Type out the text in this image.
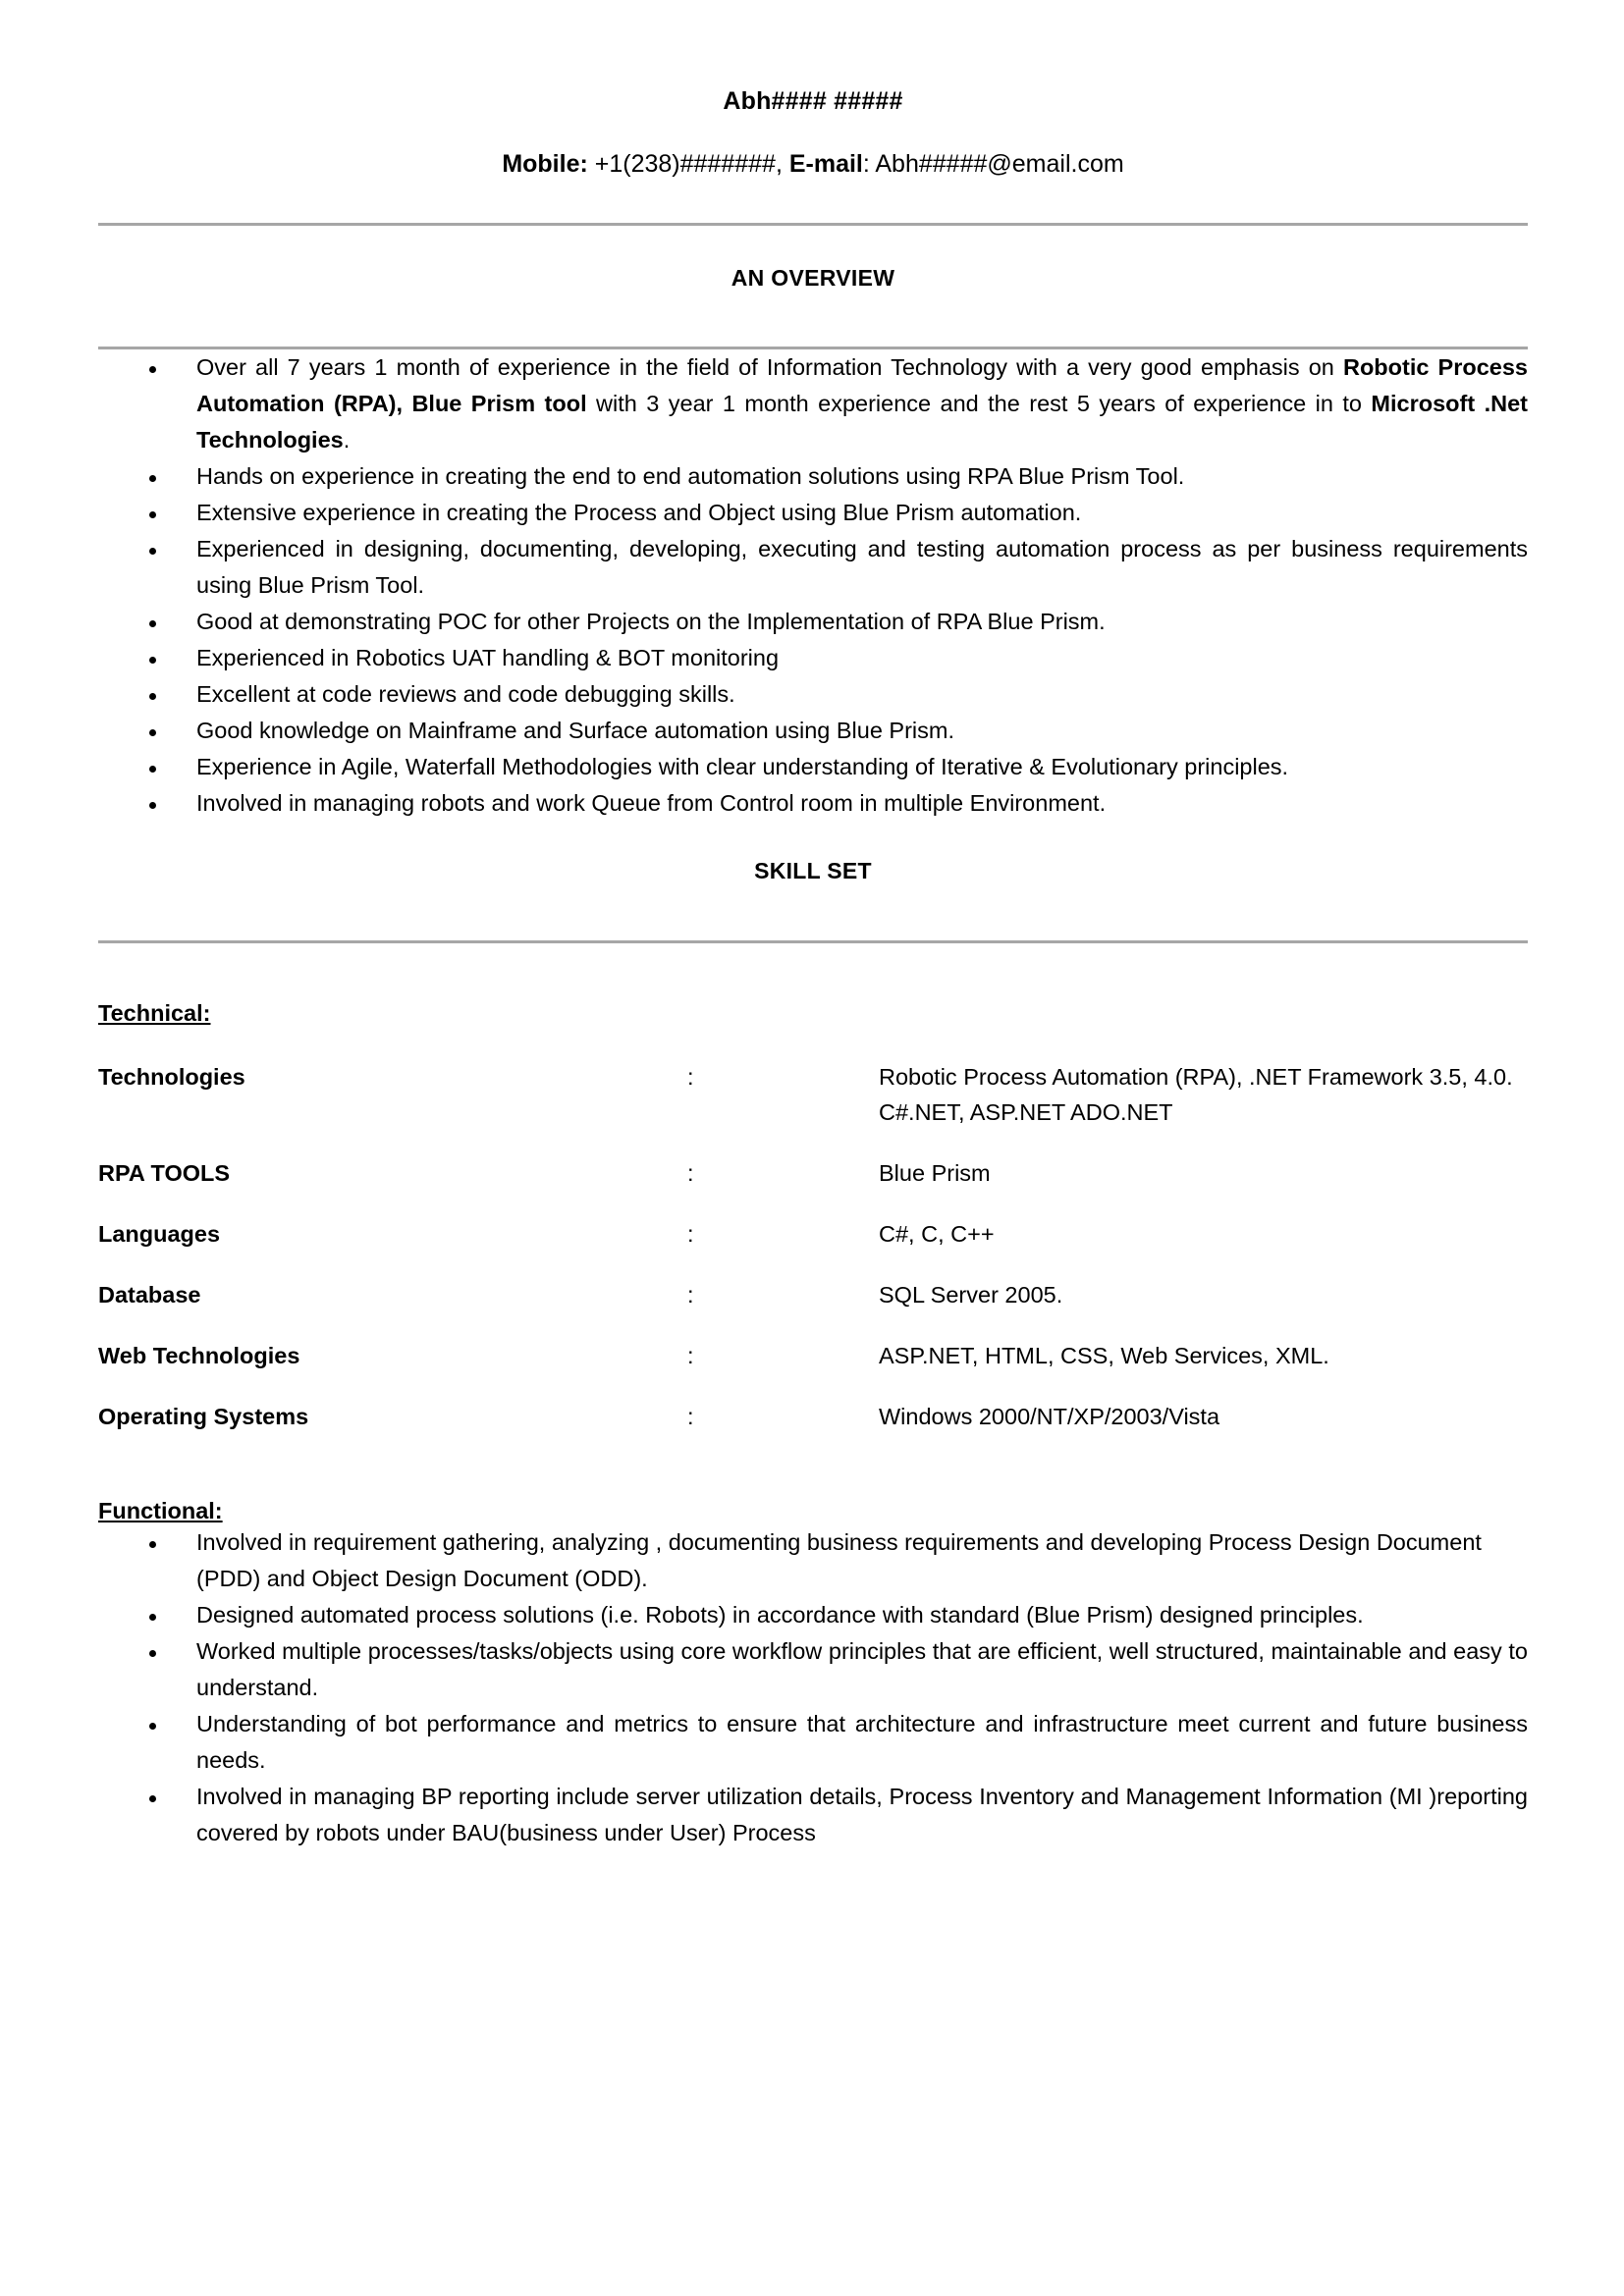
Abh#### #####
Mobile: +1(238)#######, E-mail: Abh#####@email.com
AN OVERVIEW
Over all 7 years 1 month of experience in the field of Information Technology with a very good emphasis on Robotic Process Automation (RPA), Blue Prism tool with 3 year 1 month experience and the rest 5 years of experience in to Microsoft .Net Technologies.
Hands on experience in creating the end to end automation solutions using RPA Blue Prism Tool.
Extensive experience in creating the Process and Object using Blue Prism automation.
Experienced in designing, documenting, developing, executing and testing automation process as per business requirements using Blue Prism Tool.
Good at demonstrating POC for other Projects on the Implementation of RPA Blue Prism.
Experienced in Robotics UAT handling & BOT monitoring
Excellent at code reviews and code debugging skills.
Good knowledge on Mainframe and Surface automation using Blue Prism.
Experience in Agile, Waterfall Methodologies with clear understanding of Iterative & Evolutionary principles.
Involved in managing robots and work Queue from Control room in multiple Environment.
SKILL SET
Technical:
Technologies	:	Robotic Process Automation (RPA), .NET Framework 3.5, 4.0. C#.NET, ASP.NET ADO.NET
RPA TOOLS	:	Blue Prism
Languages	:	C#, C, C++
Database	:	SQL Server 2005.
Web Technologies	:	ASP.NET, HTML, CSS, Web Services, XML.
Operating Systems	:	Windows 2000/NT/XP/2003/Vista
Functional:
Involved in requirement gathering, analyzing , documenting business requirements and developing Process Design Document (PDD) and Object Design Document (ODD).
Designed automated process solutions (i.e. Robots) in accordance with standard (Blue Prism) designed principles.
Worked multiple processes/tasks/objects using core workflow principles that are efficient, well structured, maintainable and easy to understand.
Understanding of bot performance and metrics to ensure that architecture and infrastructure meet current and future business needs.
Involved in managing BP reporting include server utilization details, Process Inventory and Management Information (MI )reporting covered by robots under BAU(business under User) Process
